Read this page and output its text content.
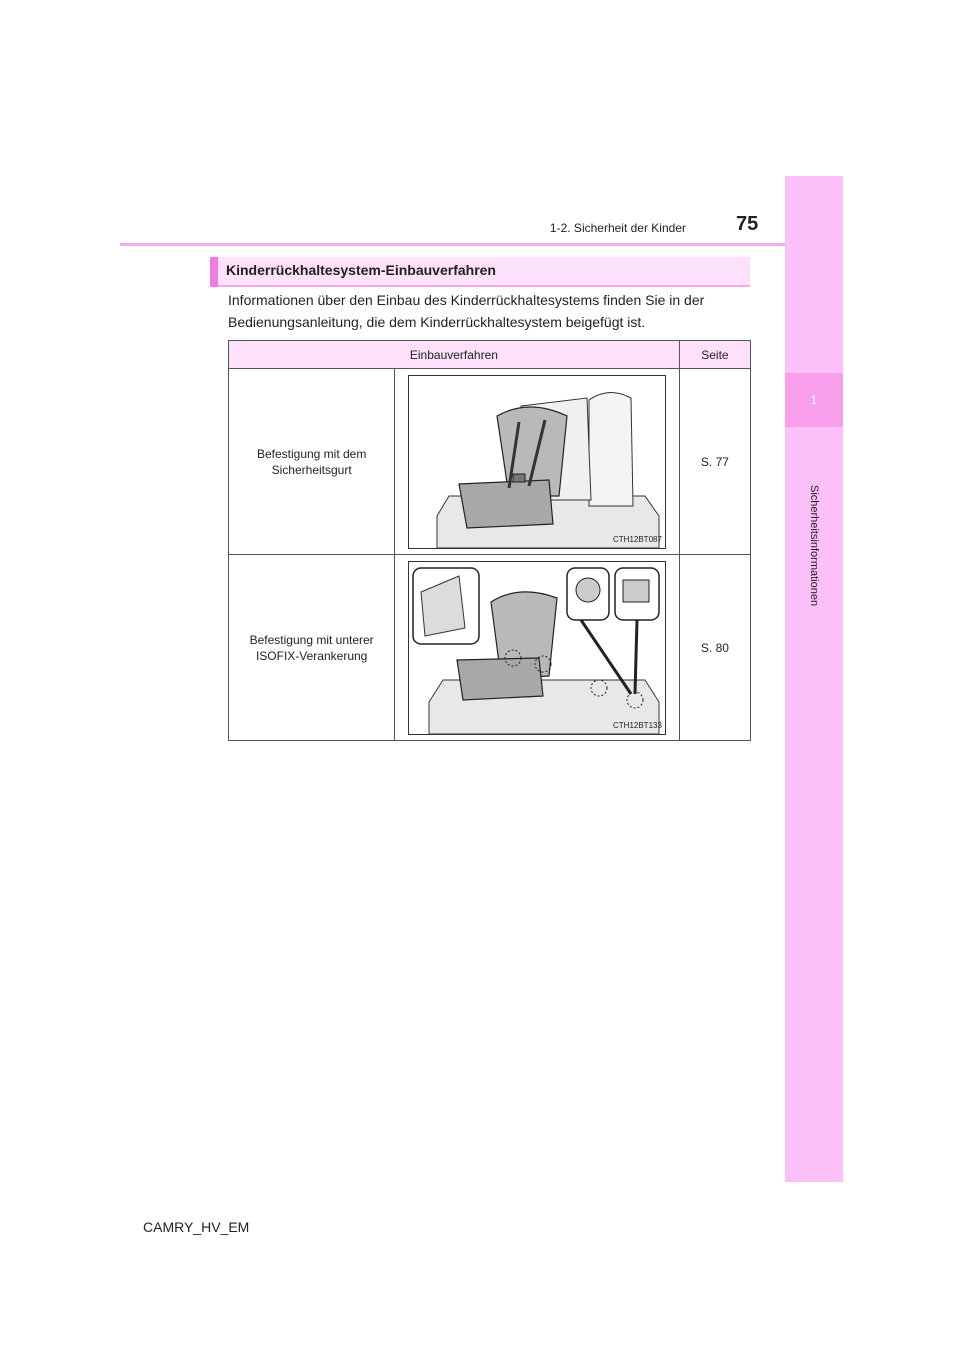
1-2. Sicherheit der Kinder	75
1
Sicherheitsinformationen
Kinderrückhaltesystem-Einbauverfahren
Informationen über den Einbau des Kinderrückhaltesystems finden Sie in der Bedienungsanleitung, die dem Kinderrückhaltesystem beigefügt ist.
Einbauverfahren		Seite
Befestigung mit dem Sicherheitsgurt	CTH12BT087	S. 77
Befestigung mit unterer ISOFIX-Verankerung	CTH12BT133	S. 80
CAMRY_HV_EM
